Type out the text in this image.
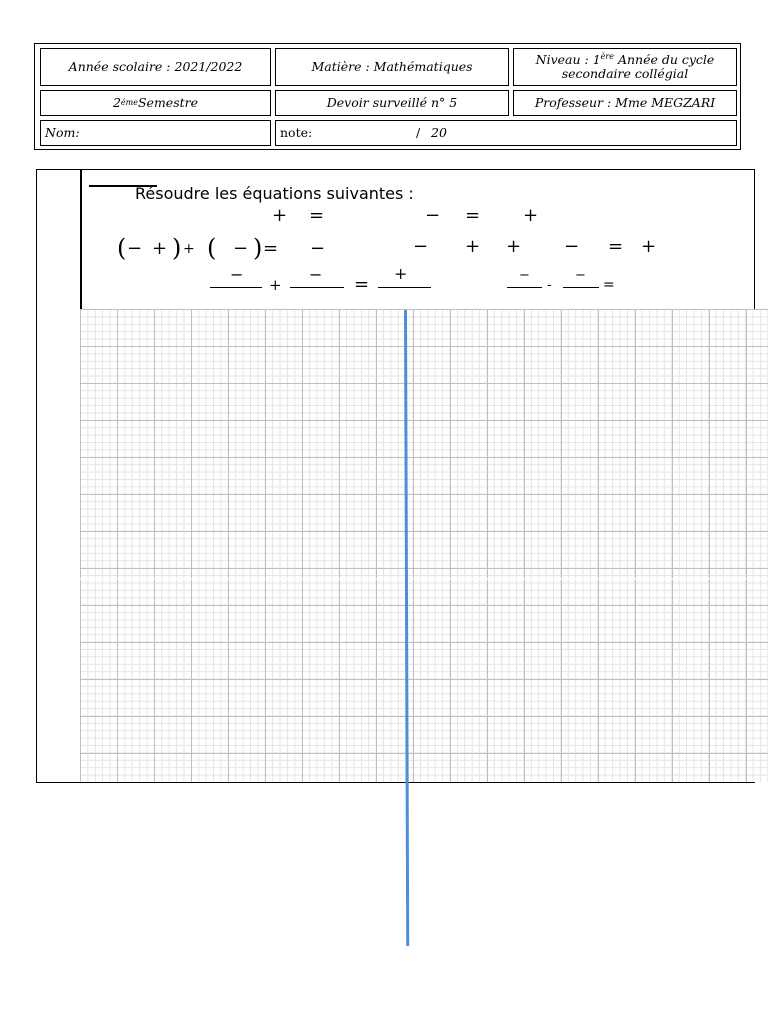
Année scolaire : 2021/2022	Matière : Mathématiques	Niveau : 1ère Année du cycle
secondaire collégial
2 éme Semestre	Devoir surveillé n° 5	Professeur : Mme MEGZARI
Nom:	note:	/ 20
Résoudre les équations suivantes :
+ =	− = +
( − + ) + ( − ) = −	− + + − = +
−
+
− =
+	−
-
−
=
